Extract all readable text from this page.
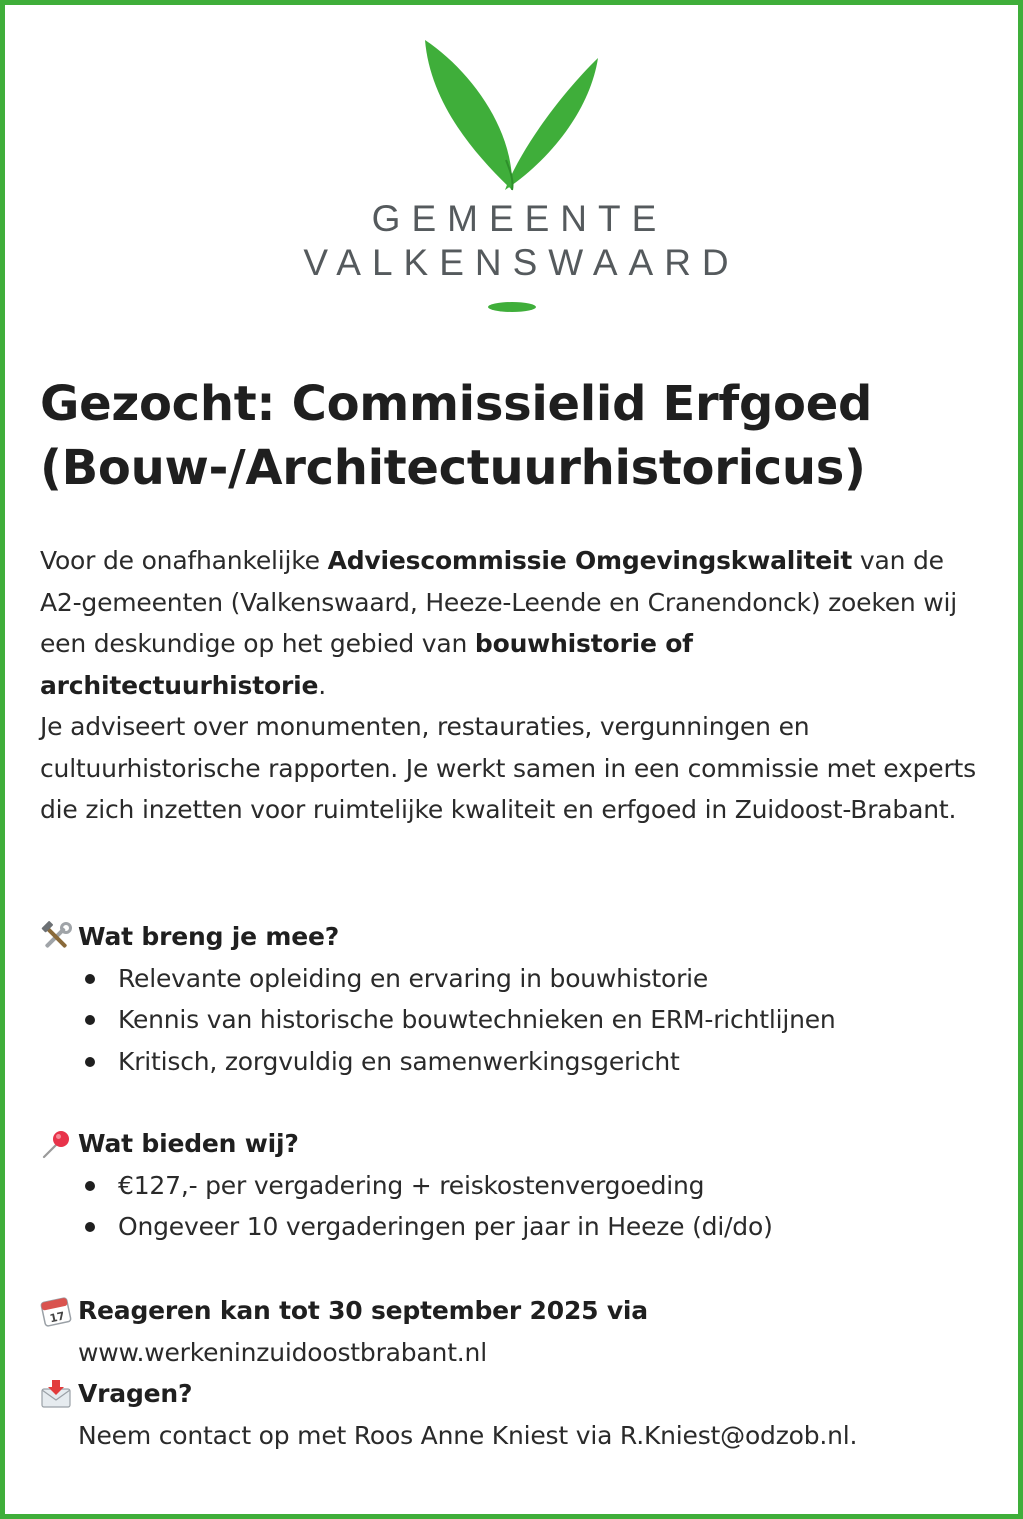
GEMEENTE
VALKENSWAARD
Gezocht: Commissielid Erfgoed
(Bouw-/Architectuurhistoricus)
Voor de onafhankelijke Adviescommissie Omgevingskwaliteit van de A2-gemeenten (Valkenswaard, Heeze-Leende en Cranendonck) zoeken wij een deskundige op het gebied van bouwhistorie of architectuurhistorie.
Je adviseert over monumenten, restauraties, vergunningen en cultuurhistorische rapporten. Je werkt samen in een commissie met experts die zich inzetten voor ruimtelijke kwaliteit en erfgoed in Zuidoost-Brabant.
Wat breng je mee?
Relevante opleiding en ervaring in bouwhistorie
Kennis van historische bouwtechnieken en ERM-richtlijnen
Kritisch, zorgvuldig en samenwerkingsgericht
Wat bieden wij?
€127,- per vergadering + reiskostenvergoeding
Ongeveer 10 vergaderingen per jaar in Heeze (di/do)
17 Reageren kan tot 30 september 2025 via
www.werkeninzuidoostbrabant.nl
Vragen?
Neem contact op met Roos Anne Kniest via R.Kniest@odzob.nl.
